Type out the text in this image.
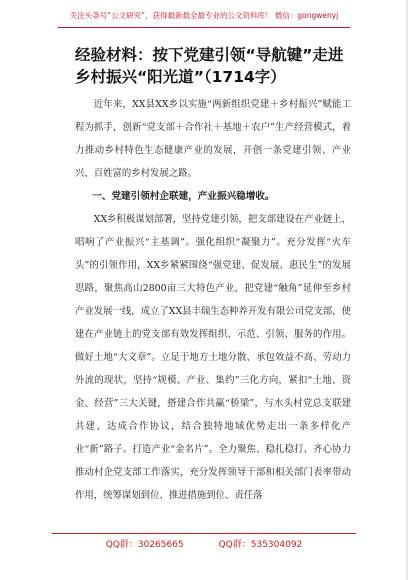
关注头条号“公文研究”，获得最新最全最专业的公文资料库！ 微信：gongwenyj
经验材料：按下党建引领“导航键”走进乡村振兴“阳光道”（1714字）

近年来，XX县XX乡以实施“两新组织党建＋乡村振兴”赋能工程为抓手，创新“党支部＋合作社＋基地＋农户”生产经营模式，着力推动乡村特色生态健康产业的发展，开创一条党建引领、产业兴、百姓富的乡村发展之路。

一、党建引领村企联建，产业振兴稳增收。

XX乡积极谋划部署，坚持党建引领，把支部建设在产业链上，唱响了产业振兴“主基调”。强化组织“凝聚力”。充分发挥“火车头”的引领作用，XX乡紧紧围绕“强党建、促发展、惠民生”的发展思路，聚焦高山2800亩三大特色产业，把党建“触角”延伸至乡村产业发展一线，成立了XX县丰瑞生态种养开发有限公司党支部，使建在产业链上的党支部有效发挥组织、示范、引领、服务的作用。做好土地“大文章”。立足于地方土地分散、承包效益不高、劳动力外流的现状，坚持“规模、产业、集约”三化方向，紧扣“土地、资金、经营”三大关键，搭建合作共赢“桥梁”，与水头村党总支联建共建、达成合作协议，结合独特地域优势走出一条多样化产业“新”路子。打造产业“金名片”。全力聚焦、稳扎稳打、齐心协力推动村企党支部工作落实，充分发挥领导干部和相关部门表率带动作用，统筹谋划到位、推进措施到位、责任落

QQ群：30265665	QQ群：535304092
